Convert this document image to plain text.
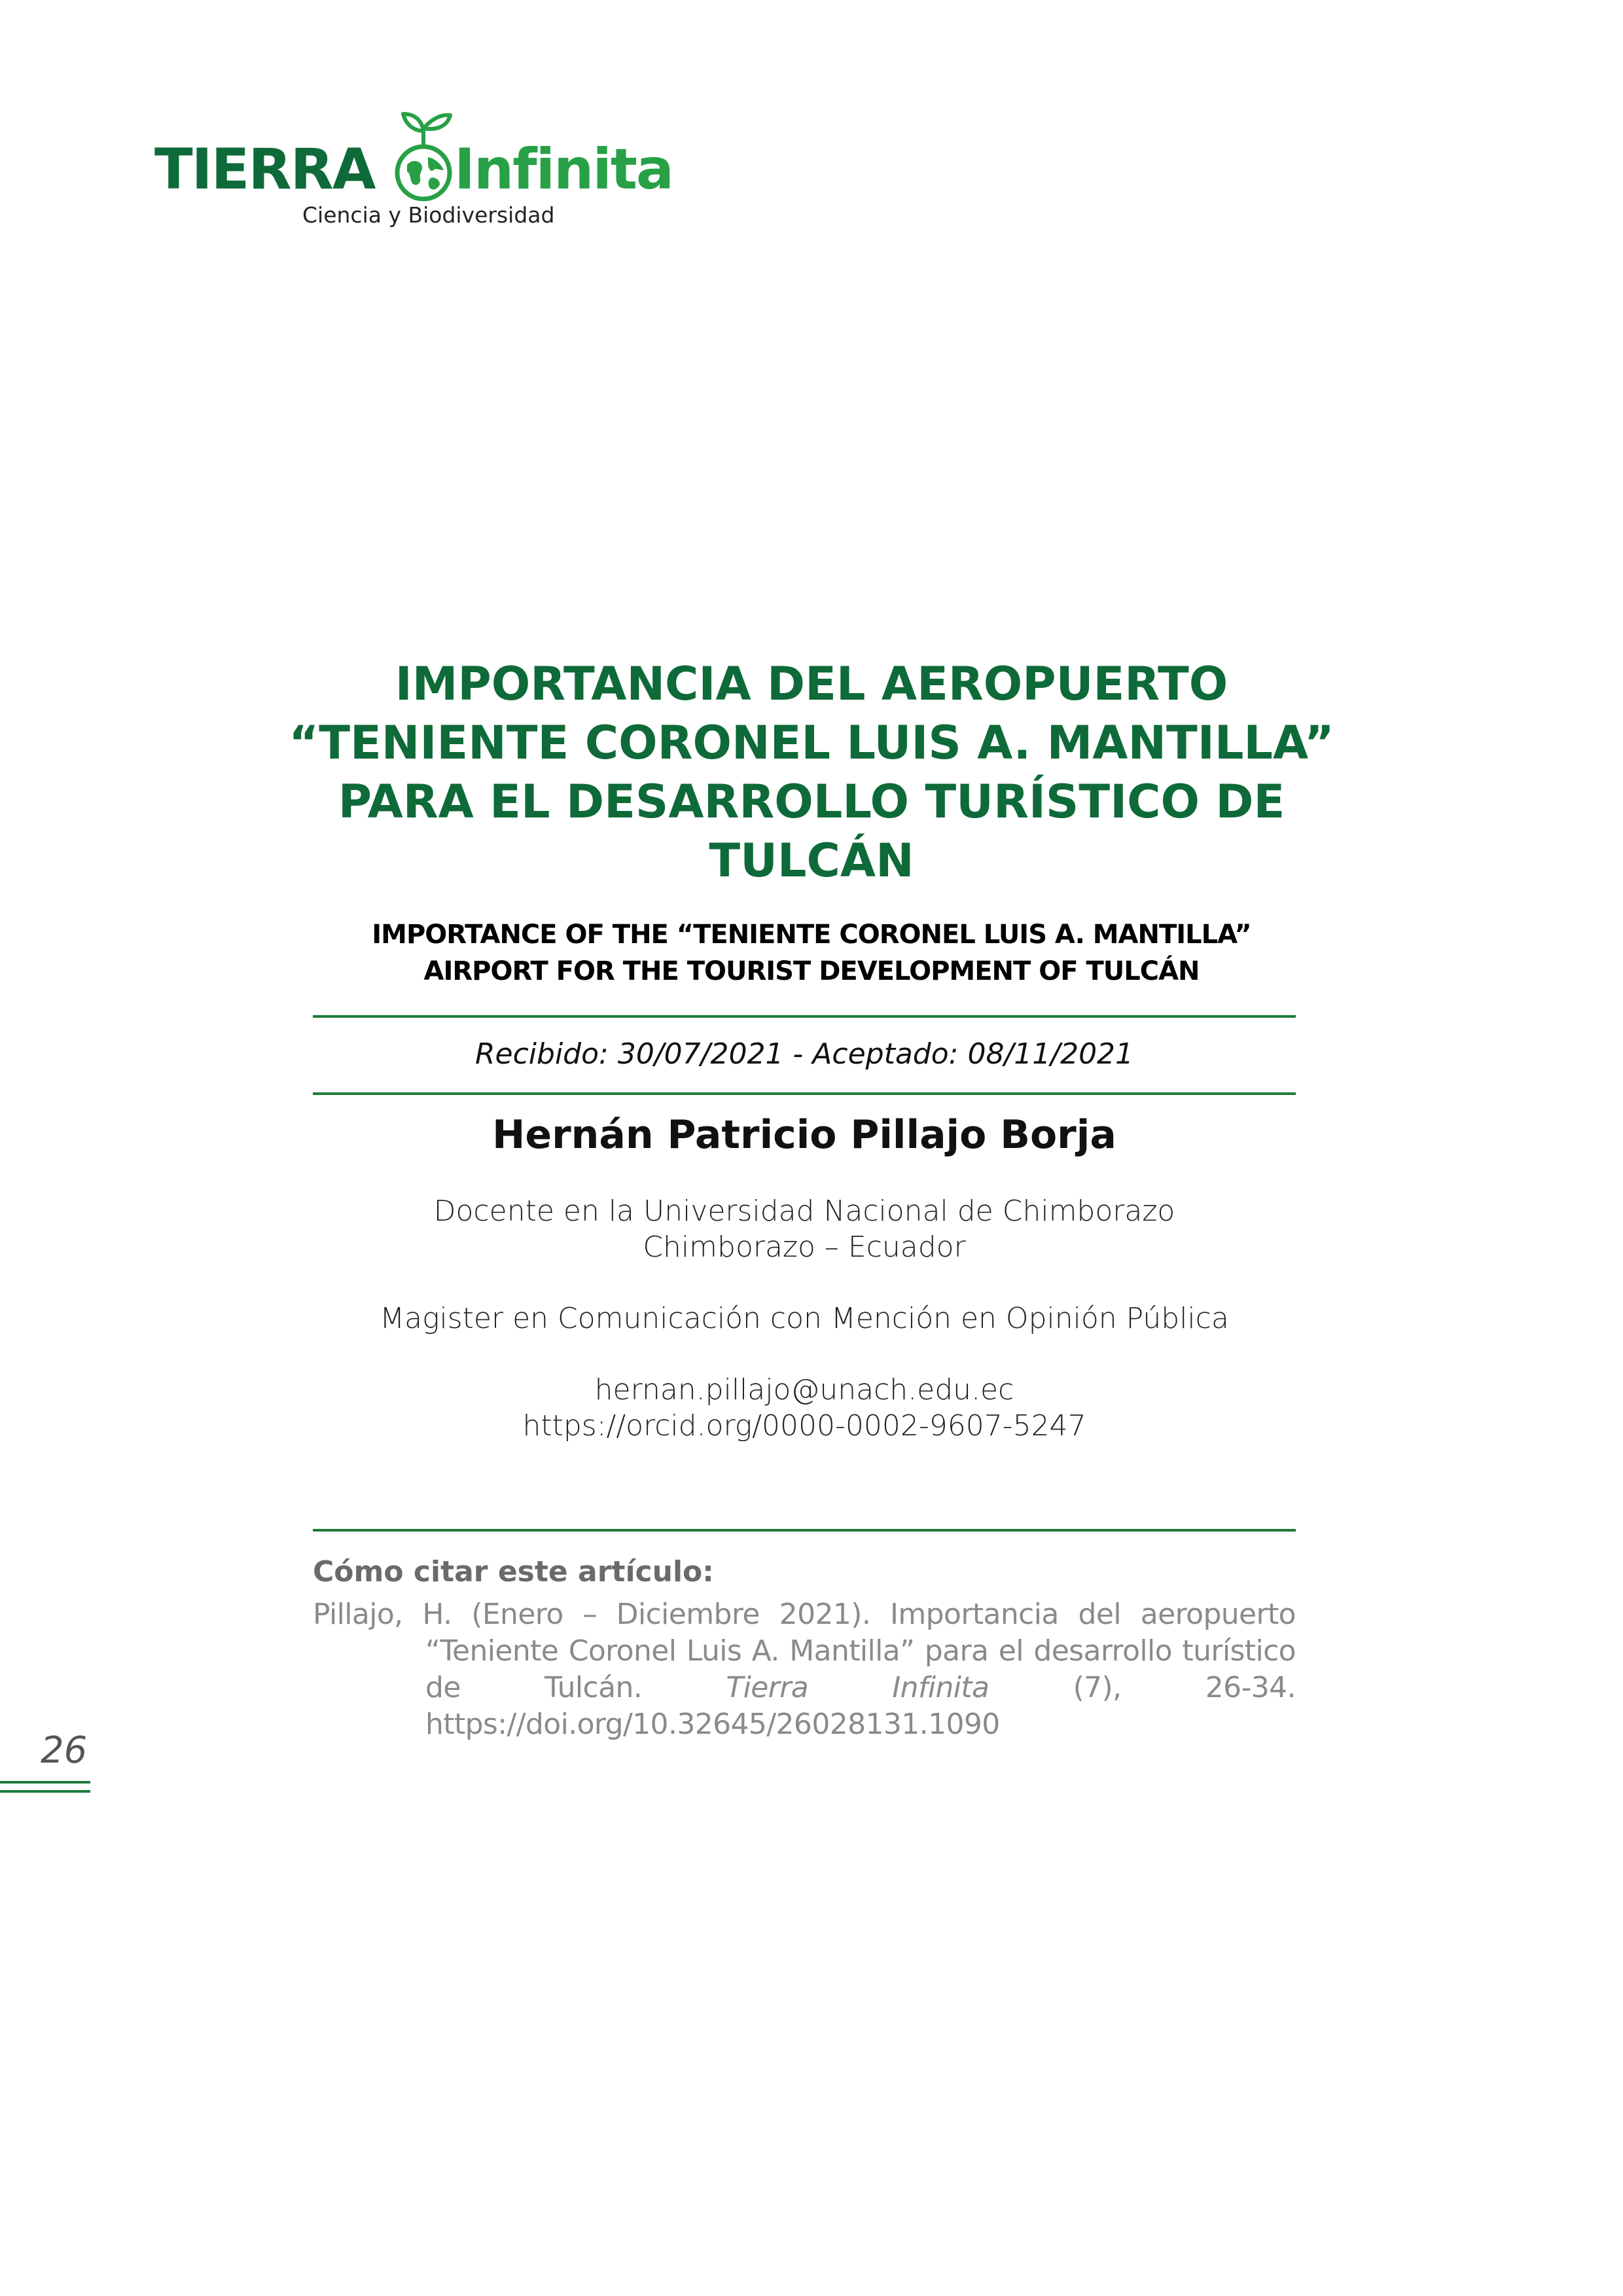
TIERRA Infinita
Ciencia y Biodiversidad
IMPORTANCIA DEL AEROPUERTO
“TENIENTE CORONEL LUIS A. MANTILLA”
PARA EL DESARROLLO TURÍSTICO DE
TULCÁN
IMPORTANCE OF THE “TENIENTE CORONEL LUIS A. MANTILLA”
AIRPORT FOR THE TOURIST DEVELOPMENT OF TULCÁN
Recibido: 30/07/2021 - Aceptado: 08/11/2021
Hernán Patricio Pillajo Borja
Docente en la Universidad Nacional de Chimborazo
Chimborazo – Ecuador
Magister en Comunicación con Mención en Opinión Pública
hernan.pillajo@unach.edu.ec
https://orcid.org/0000-0002-9607-5247
Cómo citar este artículo:
Pillajo, H. (Enero – Diciembre 2021). Importancia del aeropuerto “Teniente Coronel Luis A. Mantilla” para el desarrollo turístico de Tulcán. Tierra Infinita (7), 26-34. https://doi.org/10.32645/26028131.1090
26
